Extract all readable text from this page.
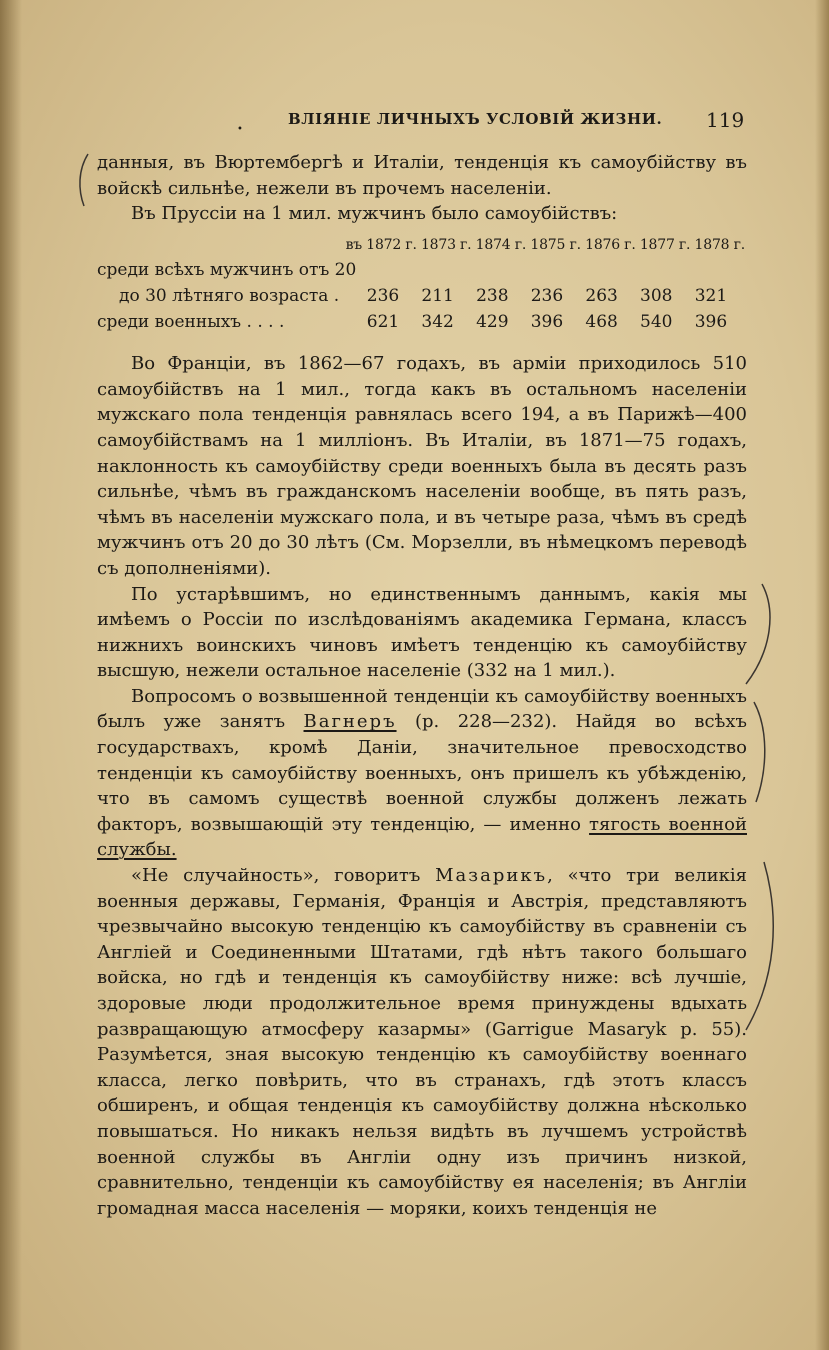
•
ВЛІЯНІЕ ЛИЧНЫХЪ УСЛОВІЙ ЖИЗНИ. 119

данныя, въ Вюртембергѣ и Италіи, тенденція къ самоубійству въ войскѣ сильнѣе, нежели въ прочемъ населеніи.

Въ Пруссіи на 1 мил. мужчинъ было самоубійствъ:

въ 1872 г. 1873 г. 1874 г. 1875 г. 1876 г. 1877 г. 1878 г.
среди всѣхъ мужчинъ отъ 20
до 30 лѣтняго возраста .	236	211	238	236	263	308	321
среди военныхъ . . . .	621	342	429	396	468	540	396

Во Франціи, въ 1862—67 годахъ, въ арміи приходилось 510 самоубійствъ на 1 мил., тогда какъ въ остальномъ населеніи мужскаго пола тенденція равнялась всего 194, а въ Парижѣ—400 самоубійствамъ на 1 милліонъ. Въ Италіи, въ 1871—75 годахъ, наклонность къ самоубійству среди военныхъ была въ десять разъ сильнѣе, чѣмъ въ гражданскомъ населеніи вообще, въ пять разъ, чѣмъ въ населеніи мужскаго пола, и въ четыре раза, чѣмъ въ средѣ мужчинъ отъ 20 до 30 лѣтъ (См. Морзелли, въ нѣмецкомъ переводѣ съ дополненіями).

По устарѣвшимъ, но единственнымъ даннымъ, какія мы имѣемъ о Россіи по изслѣдованіямъ академика Германа, классъ нижнихъ воинскихъ чиновъ имѣетъ тенденцію къ самоубійству высшую, нежели остальное населеніе (332 на 1 мил.).

Вопросомъ о возвышенной тенденціи къ самоубійству военныхъ былъ уже занятъ Вагнеръ (р. 228—232). Найдя во всѣхъ государствахъ, кромѣ Даніи, значительное превосходство тенденціи къ самоубійству военныхъ, онъ пришелъ къ убѣжденію, что въ самомъ существѣ военной службы долженъ лежать факторъ, возвышающій эту тенденцію, — именно тягость военной службы.

«Не случайность», говоритъ Мазарикъ, «что три великія военныя державы, Германія, Франція и Австрія, представляютъ чрезвычайно высокую тенденцію къ самоубійству въ сравненіи съ Англіей и Соединенными Штатами, гдѣ нѣтъ такого большаго войска, но гдѣ и тенденція къ самоубійству ниже: всѣ лучшіе, здоровые люди продолжительное время принуждены вдыхать развращающую атмосферу казармы» (Garrigue Masaryk р. 55). Разумѣется, зная высокую тенденцію къ самоубійству военнаго класса, легко повѣрить, что въ странахъ, гдѣ этотъ классъ обширенъ, и общая тенденція къ самоубійству должна нѣсколько повышаться. Но никакъ нельзя видѣть въ лучшемъ устройствѣ военной службы въ Англіи одну изъ причинъ низкой, сравнительно, тенденціи къ самоубійству ея населенія; въ Англіи громадная масса населенія — моряки, коихъ тенденція не
